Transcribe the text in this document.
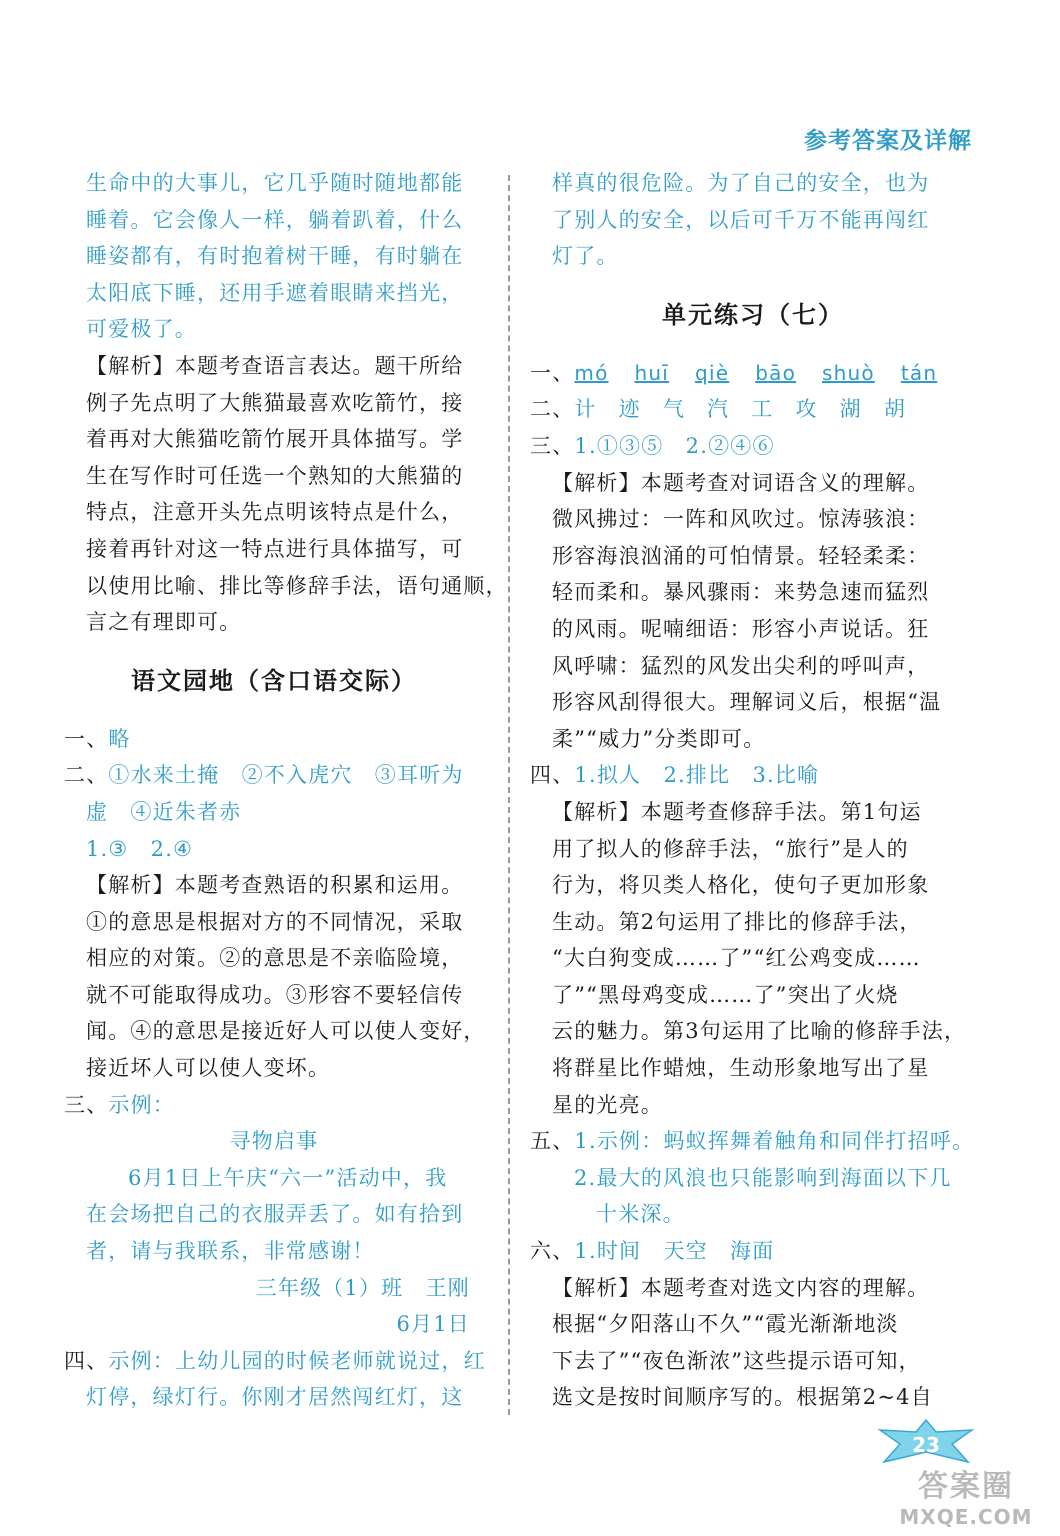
参考答案及详解
生命中的大事儿，它几乎随时随地都能
睡着。它会像人一样，躺着趴着，什么
睡姿都有，有时抱着树干睡，有时躺在
太阳底下睡，还用手遮着眼睛来挡光，
可爱极了。
【解析】本题考查语言表达。题干所给
例子先点明了大熊猫最喜欢吃箭竹，接
着再对大熊猫吃箭竹展开具体描写。学
生在写作时可任选一个熟知的大熊猫的
特点，注意开头先点明该特点是什么，
接着再针对这一特点进行具体描写，可
以使用比喻、排比等修辞手法，语句通顺，
言之有理即可。
语文园地（含口语交际）
一、略
二、①水来土掩　②不入虎穴　③耳听为
虚　④近朱者赤
1.③　2.④
【解析】本题考查熟语的积累和运用。
①的意思是根据对方的不同情况，采取
相应的对策。②的意思是不亲临险境，
就不可能取得成功。③形容不要轻信传
闻。④的意思是接近好人可以使人变好，
接近坏人可以使人变坏。
三、示例：
寻物启事
6月1日上午庆“六一”活动中，我
在会场把自己的衣服弄丢了。如有拾到
者，请与我联系，非常感谢！
三年级（1）班　王刚
6月1日
四、示例：上幼儿园的时候老师就说过，红
灯停，绿灯行。你刚才居然闯红灯，这
样真的很危险。为了自己的安全，也为
了别人的安全，以后可千万不能再闯红
灯了。
单元练习（七）
一、mó huī qiè bāo shuò tán
二、计 迹 气 汽 工 攻 湖 胡
三、1.①③⑤　2.②④⑥
【解析】本题考查对词语含义的理解。
微风拂过：一阵和风吹过。惊涛骇浪：
形容海浪汹涌的可怕情景。轻轻柔柔：
轻而柔和。暴风骤雨：来势急速而猛烈
的风雨。呢喃细语：形容小声说话。狂
风呼啸：猛烈的风发出尖利的呼叫声，
形容风刮得很大。理解词义后，根据“温
柔”“威力”分类即可。
四、1.拟人　2.排比　3.比喻
【解析】本题考查修辞手法。第1句运
用了拟人的修辞手法，“旅行”是人的
行为，将贝类人格化，使句子更加形象
生动。第2句运用了排比的修辞手法，
“大白狗变成……了”“红公鸡变成……
了”“黑母鸡变成……了”突出了火烧
云的魅力。第3句运用了比喻的修辞手法，
将群星比作蜡烛，生动形象地写出了星
星的光亮。
五、1.示例：蚂蚁挥舞着触角和同伴打招呼。
2.最大的风浪也只能影响到海面以下几
十米深。
六、1.时间　天空　海面
【解析】本题考查对选文内容的理解。
根据“夕阳落山不久”“霞光渐渐地淡
下去了”“夜色渐浓”这些提示语可知，
选文是按时间顺序写的。根据第2~4自
23
答案圈
MXQE.COM
